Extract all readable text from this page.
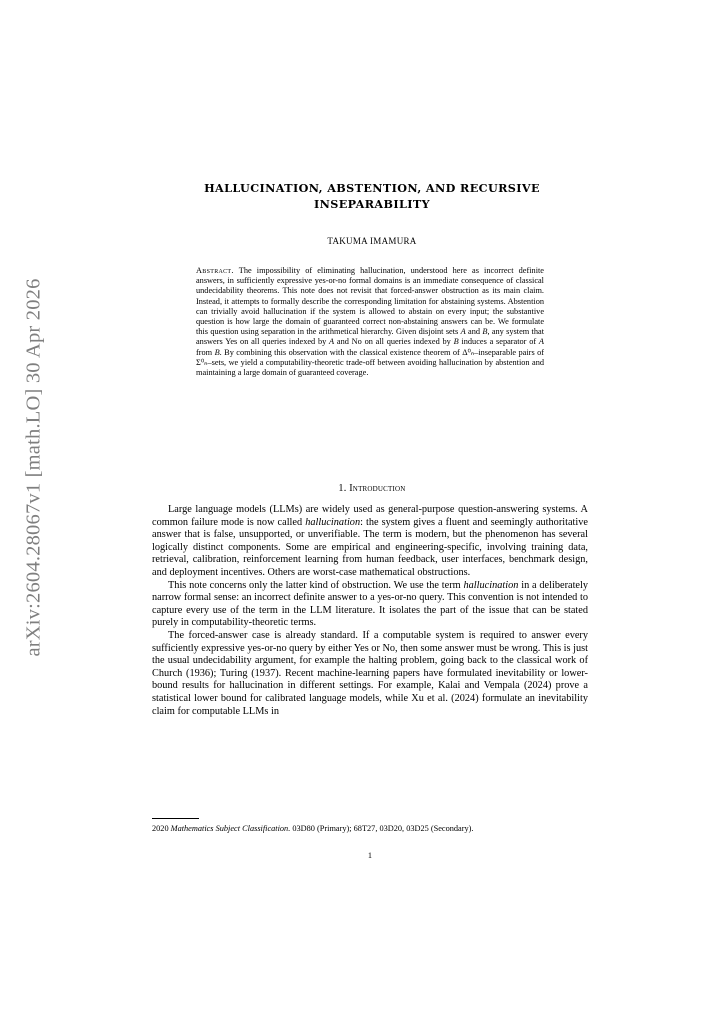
arXiv:2604.28067v1 [math.LO] 30 Apr 2026
HALLUCINATION, ABSTENTION, AND RECURSIVE
INSEPARABILITY
TAKUMA IMAMURA
Abstract. The impossibility of eliminating hallucination, understood here as incorrect definite answers, in sufficiently expressive yes-or-no formal domains is an immediate consequence of classical undecidability theorems. This note does not revisit that forced-answer obstruction as its main claim. Instead, it attempts to formally describe the corresponding limitation for abstaining systems. Abstention can trivially avoid hallucination if the system is allowed to abstain on every input; the substantive question is how large the domain of guaranteed correct non-abstaining answers can be. We formulate this question using separation in the arithmetical hierarchy. Given disjoint sets A and B, any system that answers Yes on all queries indexed by A and No on all queries indexed by B induces a separator of A from B. By combining this observation with the classical existence theorem of Δ⁰ₙ–inseparable pairs of Σ⁰ₙ–sets, we yield a computability-theoretic trade-off between avoiding hallucination by abstention and maintaining a large domain of guaranteed coverage.
1. Introduction

Large language models (LLMs) are widely used as general-purpose question-answering systems. A common failure mode is now called hallucination: the system gives a fluent and seemingly authoritative answer that is false, unsupported, or unverifiable. The term is modern, but the phenomenon has several logically distinct components. Some are empirical and engineering-specific, involving training data, retrieval, calibration, reinforcement learning from human feedback, user interfaces, benchmark design, and deployment incentives. Others are worst-case mathematical obstructions.

This note concerns only the latter kind of obstruction. We use the term hallucination in a deliberately narrow formal sense: an incorrect definite answer to a yes-or-no query. This convention is not intended to capture every use of the term in the LLM literature. It isolates the part of the issue that can be stated purely in computability-theoretic terms.

The forced-answer case is already standard. If a computable system is required to answer every sufficiently expressive yes-or-no query by either Yes or No, then some answer must be wrong. This is just the usual undecidability argument, for example the halting problem, going back to the classical work of Church (1936); Turing (1937). Recent machine-learning papers have formulated inevitability or lower-bound results for hallucination in different settings. For example, Kalai and Vempala (2024) prove a statistical lower bound for calibrated language models, while Xu et al. (2024) formulate an inevitability claim for computable LLMs in

2020 Mathematics Subject Classification. 03D80 (Primary); 68T27, 03D20, 03D25 (Secondary).
1
